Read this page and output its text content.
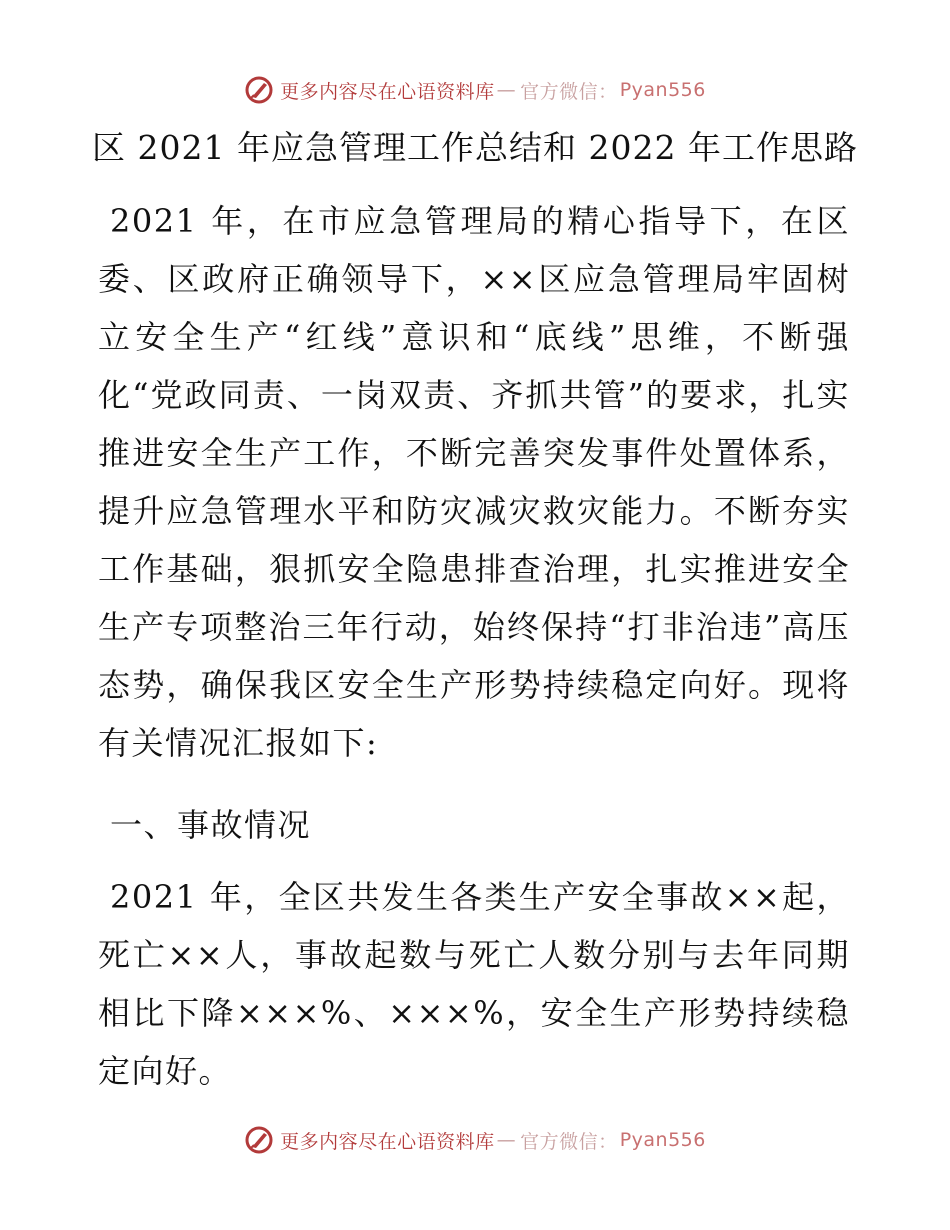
更多内容尽在心语资料库 — 官方微信： Pyan556
区 2021 年应急管理工作总结和 2022 年工作思路

2021 年，在市应急管理局的精心指导下，在区委、区政府正确领导下，××区应急管理局牢固树立安全生产“红线”意识和“底线”思维，不断强化“党政同责、一岗双责、齐抓共管”的要求，扎实推进安全生产工作，不断完善突发事件处置体系，提升应急管理水平和防灾减灾救灾能力。不断夯实工作基础，狠抓安全隐患排查治理，扎实推进安全生产专项整治三年行动，始终保持“打非治违”高压态势，确保我区安全生产形势持续稳定向好。现将有关情况汇报如下:

一、事故情况

2021 年，全区共发生各类生产安全事故××起，死亡××人，事故起数与死亡人数分别与去年同期相比下降×××%、×××%，安全生产形势持续稳定向好。

更多内容尽在心语资料库 — 官方微信： Pyan556
